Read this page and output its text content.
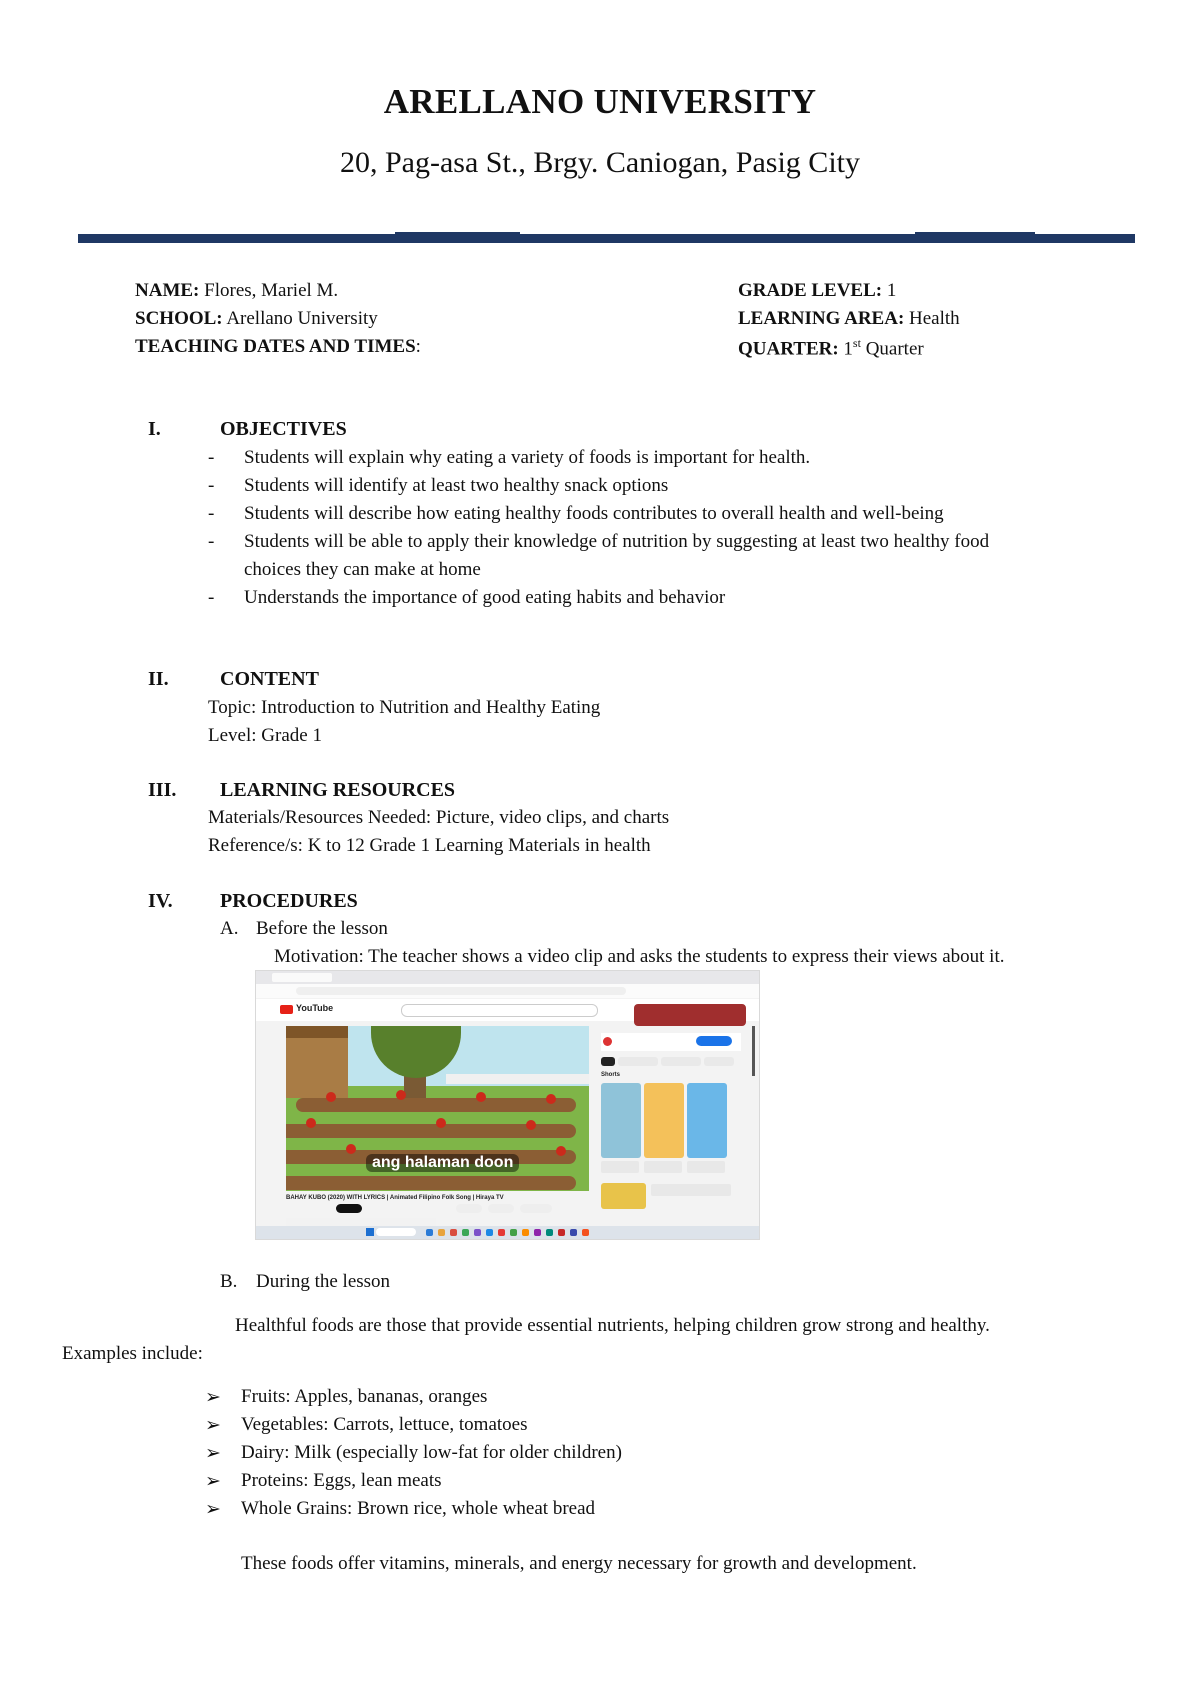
ARELLANO UNIVERSITY
20, Pag-asa St., Brgy. Caniogan, Pasig City
NAME: Flores, Mariel M.
SCHOOL: Arellano University
TEACHING DATES AND TIMES:
GRADE LEVEL: 1
LEARNING AREA: Health
QUARTER: 1st Quarter
I.	OBJECTIVES
- Students will explain why eating a variety of foods is important for health.
- Students will identify at least two healthy snack options
- Students will describe how eating healthy foods contributes to overall health and well-being
- Students will be able to apply their knowledge of nutrition by suggesting at least two healthy food
choices they can make at home
- Understands the importance of good eating habits and behavior
II.	CONTENT
Topic: Introduction to Nutrition and Healthy Eating
Level: Grade 1
III. LEARNING RESOURCES
Materials/Resources Needed: Picture, video clips, and charts
Reference/s: K to 12 Grade 1 Learning Materials in health
IV. PROCEDURES
A. Before the lesson
Motivation: The teacher shows a video clip and asks the students to express their views about it.
YouTube
ang halaman doon
BAHAY KUBO (2020) WITH LYRICS | Animated Filipino Folk Song | Hiraya TV
Shorts
B. During the lesson
Healthful foods are those that provide essential nutrients, helping children grow strong and healthy.
Examples include:
➢ Fruits: Apples, bananas, oranges
➢ Vegetables: Carrots, lettuce, tomatoes
➢ Dairy: Milk (especially low-fat for older children)
➢ Proteins: Eggs, lean meats
➢ Whole Grains: Brown rice, whole wheat bread
These foods offer vitamins, minerals, and energy necessary for growth and development.
